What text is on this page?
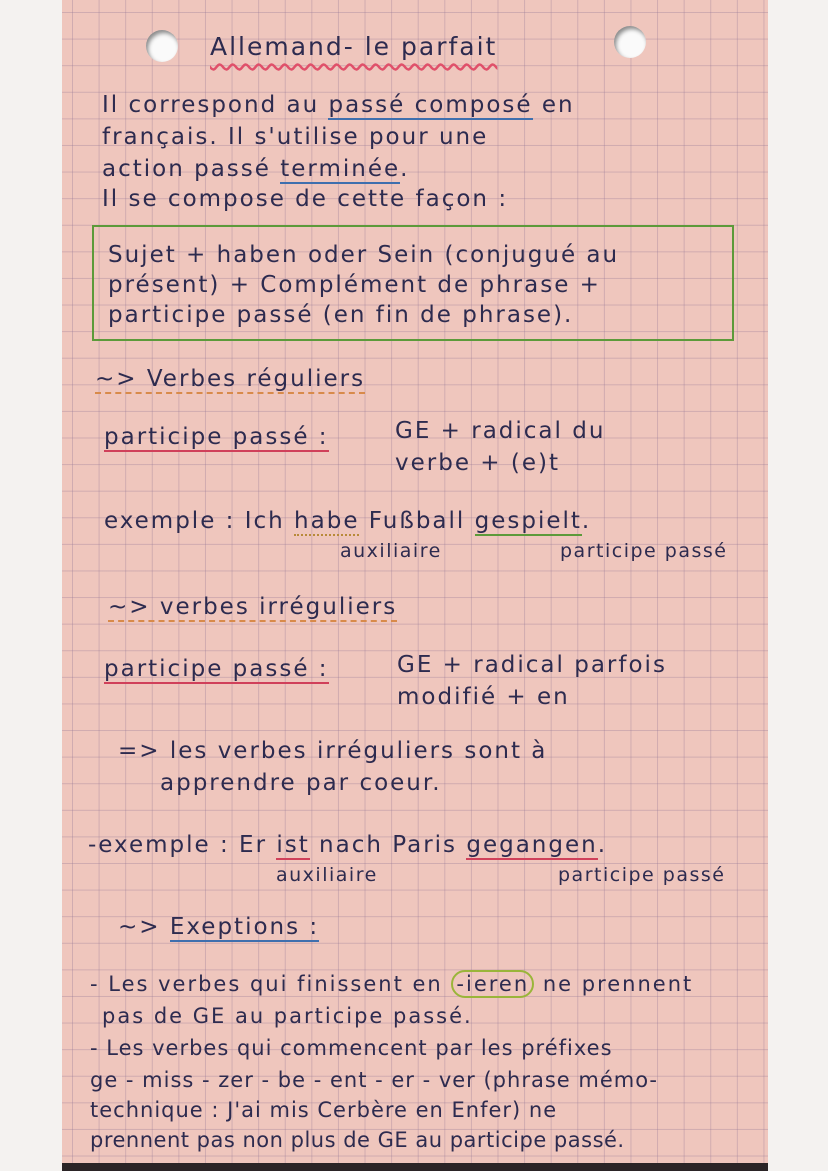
Allemand- le parfait
Il correspond au passé composé en
français. Il s'utilise pour une
action passé terminée.
Il se compose de cette façon :
Sujet + haben oder Sein (conjugué au
présent) + Complément de phrase +
participe passé (en fin de phrase).
~> Verbes réguliers
participe passé :	GE + radical du
verbe + (e)t
exemple : Ich habe Fußball gespielt.
auxiliaire	participe passé
~> verbes irréguliers
participe passé :	GE + radical parfois
modifié + en
=> les verbes irréguliers sont à
apprendre par coeur.
-exemple : Er ist nach Paris gegangen.
auxiliaire	participe passé
~> Exeptions :
- Les verbes qui finissent en -ieren ne prennent
pas de GE au participe passé.
- Les verbes qui commencent par les préfixes
ge - miss - zer - be - ent - er - ver (phrase mémo-
technique : J'ai mis Cerbère en Enfer) ne
prennent pas non plus de GE au participe passé.
